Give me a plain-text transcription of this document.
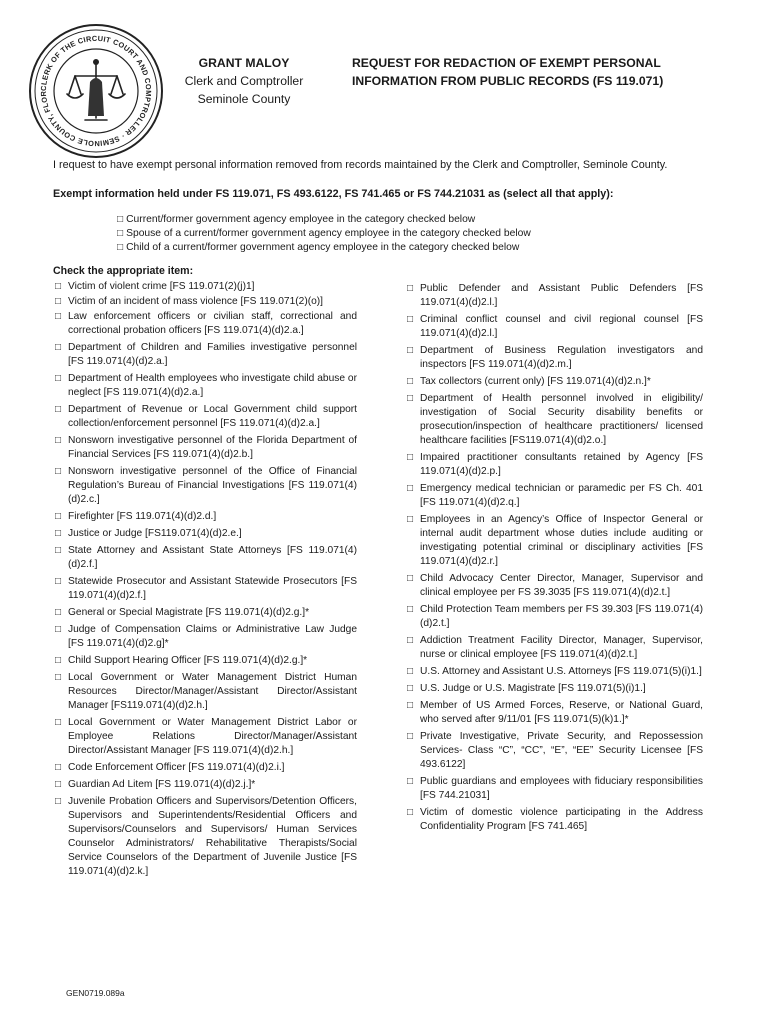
CLERK OF THE CIRCUIT COURT AND COMPTROLLER · SEMINOLE COUNTY, FLOR
GRANT MALOY
Clerk and Comptroller
Seminole County
REQUEST FOR REDACTION OF EXEMPT PERSONAL
INFORMATION FROM PUBLIC RECORDS (FS 119.071)
I request to have exempt personal information removed from records maintained by the Clerk and Comptroller, Seminole County.
Exempt information held under FS 119.071, FS 493.6122, FS 741.465 or FS 744.21031 as (select all that apply):
□ Current/former government agency employee in the category checked below
□ Spouse of a current/former government agency employee in the category checked below
□ Child of a current/former government agency employee in the category checked below
Check the appropriate item:
□ Victim of violent crime [FS 119.071(2)(j)1]
□ Victim of an incident of mass violence [FS 119.071(2)(o)]
□ Law enforcement officers or civilian staff, correctional and correctional probation officers [FS 119.071(4)(d)2.a.]
□ Department of Children and Families investigative personnel [FS 119.071(4)(d)2.a.]
□ Department of Health employees who investigate child abuse or neglect [FS 119.071(4)(d)2.a.]
□ Department of Revenue or Local Government child support collection/enforcement personnel [FS 119.071(4)(d)2.a.]
□ Nonsworn investigative personnel of the Florida Department of Financial Services [FS 119.071(4)(d)2.b.]
□ Nonsworn investigative personnel of the Office of Financial Regulation’s Bureau of Financial Investigations [FS 119.071(4)(d)2.c.]
□ Firefighter [FS 119.071(4)(d)2.d.]
□ Justice or Judge [FS119.071(4)(d)2.e.]
□ State Attorney and Assistant State Attorneys [FS 119.071(4)(d)2.f.]
□ Statewide Prosecutor and Assistant Statewide Prosecutors [FS 119.071(4)(d)2.f.]
□ General or Special Magistrate [FS 119.071(4)(d)2.g.]*
□ Judge of Compensation Claims or Administrative Law Judge [FS 119.071(4)(d)2.g]*
□ Child Support Hearing Officer [FS 119.071(4)(d)2.g.]*
□ Local Government or Water Management District Human Resources Director/Manager/Assistant Director/Assistant Manager [FS119.071(4)(d)2.h.]
□ Local Government or Water Management District Labor or Employee Relations Director/Manager/Assistant Director/Assistant Manager [FS 119.071(4)(d)2.h.]
□ Code Enforcement Officer [FS 119.071(4)(d)2.i.]
□ Guardian Ad Litem [FS 119.071(4)(d)2.j.]*
□ Juvenile Probation Officers and Supervisors/Detention Officers, Supervisors and Superintendents/Residential Officers and Supervisors/Counselors and Supervisors/ Human Services Counselor Administrators/ Rehabilitative Therapists/Social Service Counselors of the Department of Juvenile Justice [FS 119.071(4)(d)2.k.]
□ Public Defender and Assistant Public Defenders [FS 119.071(4)(d)2.l.]
□ Criminal conflict counsel and civil regional counsel [FS 119.071(4)(d)2.l.]
□ Department of Business Regulation investigators and inspectors [FS 119.071(4)(d)2.m.]
□ Tax collectors (current only) [FS 119.071(4)(d)2.n.]*
□ Department of Health personnel involved in eligibility/ investigation of Social Security disability benefits or prosecution/inspection of healthcare practitioners/ licensed healthcare facilities [FS119.071(4)(d)2.o.]
□ Impaired practitioner consultants retained by Agency [FS 119.071(4)(d)2.p.]
□ Emergency medical technician or paramedic per FS Ch. 401 [FS 119.071(4)(d)2.q.]
□ Employees in an Agency’s Office of Inspector General or internal audit department whose duties include auditing or investigating potential criminal or disciplinary activities [FS 119.071(4)(d)2.r.]
□ Child Advocacy Center Director, Manager, Supervisor and clinical employee per FS 39.3035 [FS 119.071(4)(d)2.t.]
□ Child Protection Team members per FS 39.303 [FS 119.071(4)(d)2.t.]
□ Addiction Treatment Facility Director, Manager, Supervisor, nurse or clinical employee [FS 119.071(4)(d)2.t.]
□ U.S. Attorney and Assistant U.S. Attorneys [FS 119.071(5)(i)1.]
□ U.S. Judge or U.S. Magistrate [FS 119.071(5)(i)1.]
□ Member of US Armed Forces, Reserve, or National Guard, who served after 9/11/01 [FS 119.071(5)(k)1.]*
□ Private Investigative, Private Security, and Repossession Services- Class “C”, “CC”, “E”, “EE” Security Licensee [FS 493.6122]
□ Public guardians and employees with fiduciary responsibilities [FS 744.21031]
□ Victim of domestic violence participating in the Address Confidentiality Program [FS 741.465]
GEN0719.089a
